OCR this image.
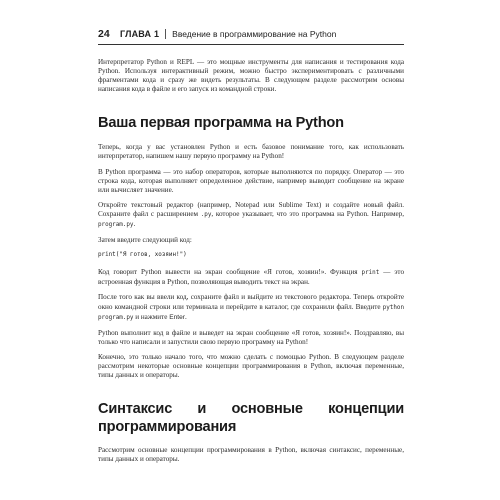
24	ГЛАВА 1 Введение в программирование на Python

Интерпретатор Python и REPL — это мощные инструменты для написания и тестирования кода Python. Используя интерактивный режим, можно быстро экспериментировать с различными фрагментами кода и сразу же видеть результаты. В следующем разделе рассмотрим основы написания кода в файле и его запуск из командной строки.

Ваша первая программа на Python

Теперь, когда у вас установлен Python и есть базовое понимание того, как использовать интерпретатор, напишем нашу первую программу на Python!

В Python программа — это набор операторов, которые выполняются по порядку. Оператор — это строка кода, которая выполняет определенное действие, например выводит сообщение на экране или вычисляет значение.

Откройте текстовый редактор (например, Notepad или Sublime Text) и создайте новый файл. Сохраните файл с расширением .py, которое указывает, что это программа на Python. Например, program.py.

Затем введите следующий код:

print("Я готов, хозяин!")

Код говорит Python вывести на экран сообщение «Я готов, хозяин!». Функция print — это встроенная функция в Python, позволяющая выводить текст на экран.

После того как вы ввели код, сохраните файл и выйдите из текстового редактора. Теперь откройте окно командной строки или терминала и перейдите в каталог, где сохранили файл. Введите python program.py и нажмите Enter.

Python выполнит код в файле и выведет на экран сообщение «Я готов, хозяин!». Поздравляю, вы только что написали и запустили свою первую программу на Python!

Конечно, это только начало того, что можно сделать с помощью Python. В следующем разделе рассмотрим некоторые основные концепции программирования в Python, включая переменные, типы данных и операторы.

Синтаксис и основные концепции программирования

Рассмотрим основные концепции программирования в Python, включая синтаксис, переменные, типы данных и операторы.
